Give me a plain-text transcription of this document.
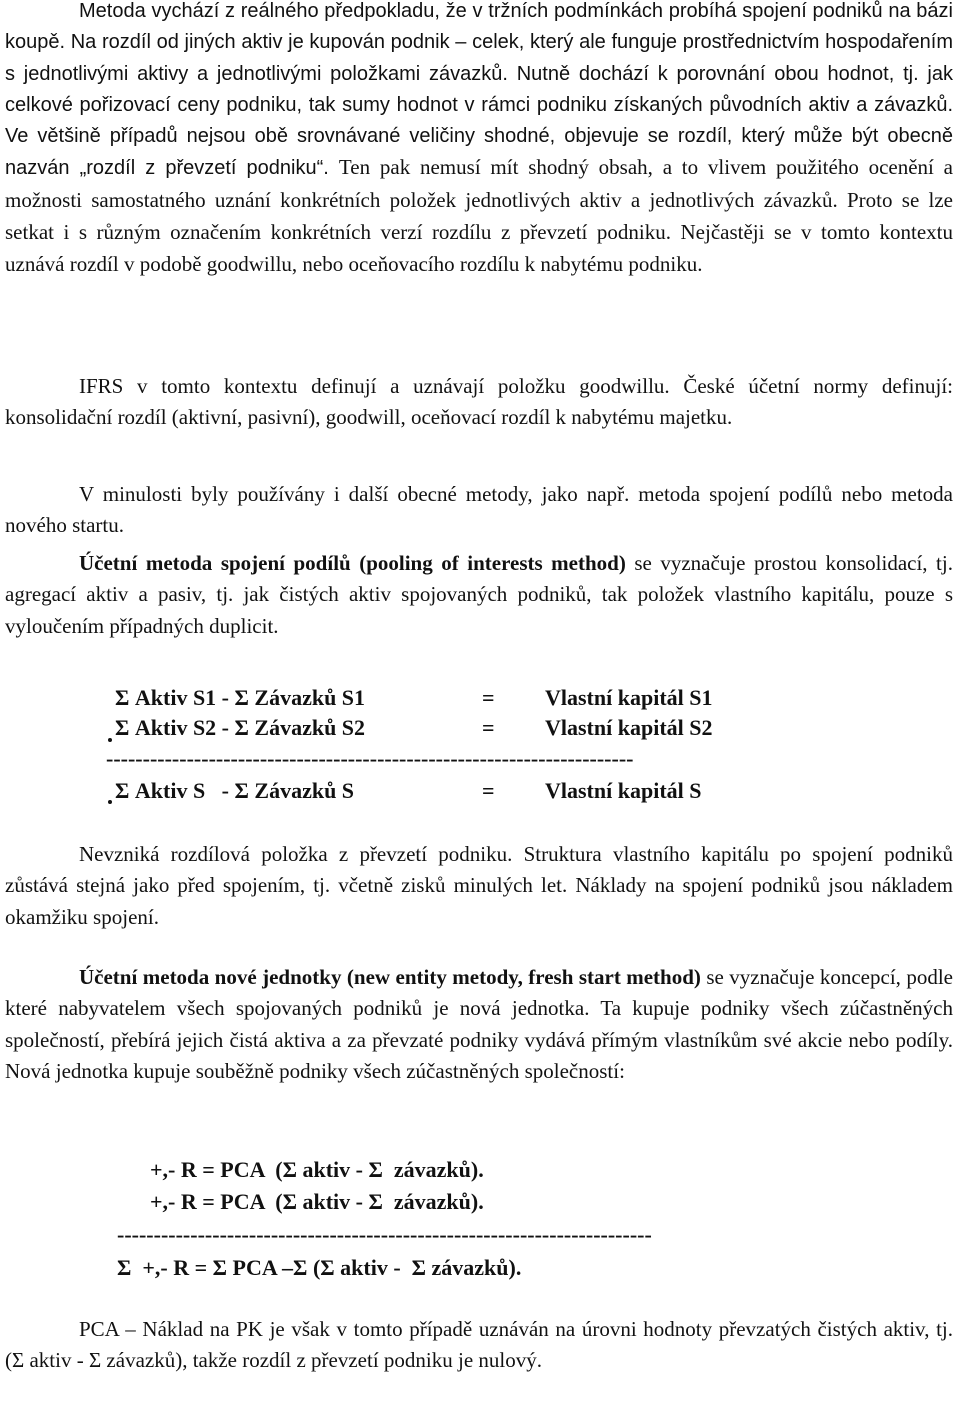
Metoda vychází z reálného předpokladu, že v tržních podmínkách probíhá spojení podniků na bázi koupě. Na rozdíl od jiných aktiv je kupován podnik – celek, který ale funguje prostřednictvím hospodařením s jednotlivými aktivy a jednotlivými položkami závazků. Nutně dochází k porovnání obou hodnot, tj. jak celkové pořizovací ceny podniku, tak sumy hodnot v rámci podniku získaných původních aktiv a závazků. Ve většině případů nejsou obě srovnávané veličiny shodné, objevuje se rozdíl, který může být obecně nazván „rozdíl z převzetí podniku“. Ten pak nemusí mít shodný obsah, a to vlivem použitého ocenění a možnosti samostatného uznání konkrétních položek jednotlivých aktiv a jednotlivých závazků. Proto se lze setkat i s různým označením konkrétních verzí rozdílu z převzetí podniku. Nejčastěji se v tomto kontextu uznává rozdíl v podobě goodwillu, nebo oceňovacího rozdílu k nabytému podniku.

IFRS v tomto kontextu definují a uznávají položku goodwillu. České účetní normy definují: konsolidační rozdíl (aktivní, pasivní), goodwill, oceňovací rozdíl k nabytému majetku.

V minulosti byly používány i další obecné metody, jako např. metoda spojení podílů nebo metoda nového startu.

Účetní metoda spojení podílů (pooling of interests method) se vyznačuje prostou konsolidací, tj. agregací aktiv a pasiv, tj. jak čistých aktiv spojovaných podniků, tak položek vlastního kapitálu, pouze s vyloučením případných duplicit.

Σ Aktiv S1 - Σ Závazků S1	= Vlastní kapitál S1
Σ Aktiv S2 - Σ Závazků S2	= Vlastní kapitál S2
------------------------------------------------------------------------
Σ Aktiv S   - Σ Závazků S	= Vlastní kapitál S

Nevzniká rozdílová položka z převzetí podniku. Struktura vlastního kapitálu po spojení podniků zůstává stejná jako před spojením, tj. včetně zisků minulých let. Náklady na spojení podniků jsou nákladem okamžiku spojení.

Účetní metoda nové jednotky (new entity metody, fresh start method) se vyznačuje koncepcí, podle které nabyvatelem všech spojovaných podniků je nová jednotka. Ta kupuje podniky všech zúčastněných společností, přebírá jejich čistá aktiva a za převzaté podniky vydává přímým vlastníkům své akcie nebo podíly. Nová jednotka kupuje souběžně podniky všech zúčastněných společností:

+,- R = PCA  (Σ aktiv - Σ  závazků).
+,- R = PCA  (Σ aktiv - Σ  závazků).
-------------------------------------------------------------------------
Σ  +,- R = Σ PCA –Σ (Σ aktiv -  Σ závazků).

PCA – Náklad na PK je však v tomto případě uznáván na úrovni hodnoty převzatých čistých aktiv, tj. (Σ aktiv - Σ závazků), takže rozdíl z převzetí podniku je nulový.
